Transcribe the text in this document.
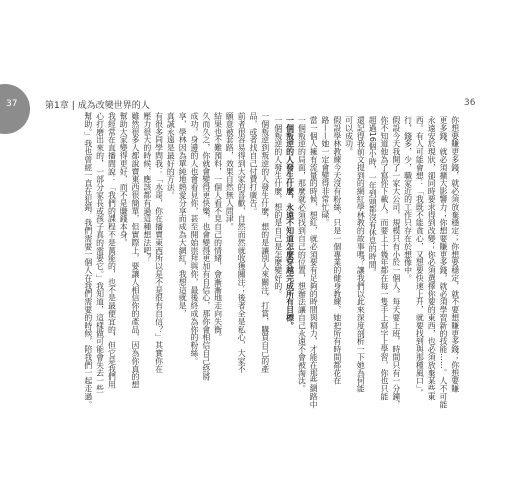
37	第1章 | 成為改變世界的人	36

你想要賺更多錢，就必須放棄穩定；你想要穩定，就不要想賺更多錢；你想要賺

更多錢，就必須擴大影響力；你想要賺更多錢，就必須學習新的技能……。人不可能

永遠安於現狀，卻同時要求得到改變；你必須選擇你要的東西，也必須放棄某些東

西。有人可能會想：「我既不能貪心，又想要快速上升，就要找到與那種風口」。

行，錢多，少，職家近的工作只存在於想像中。

假設今天我開了一家大公司，規模只有小於一個人，每天要上班，時間只有一分鐘，

你不知道他為了寫你下載人，而要上十幾年都在每一隻手上寫字上學習，你也只能

超過16個小時，一年到頭都沒有休息的時間。

還記得我前文提到的網紅學林教的故事嗎？讓我們以此來深度剖析一下她為何能

可以成功。

假設學林教練今天沒有粉絲，只是一個專業的健身教練，她把所有時間都花在

路——她一定會變得非常忙碌。

當一個人擁有流量的時候，想紅，就必須要有足夠的時間與精力，才能在那些網路中

一個叛逆的局面，那麼就必須找到自己的位置，想辦法讓自己永遠不會被淘汰。

一個叛逆的人發生什麼，永遠不知道怎麼穿越完成所有目標。

一個叛逆的人發生什麼，想的是自己是怎麼變好的。

一個叛逆到叛逆的人發生什麼，想的是讓別人來關注，打賞，購買自己的產

品，或者找自己付費打廣告。

前者很容易得到大家的喜歡，自然而然就收獲關注；後者全是私心，大家不

願意被套路，效果自然無人問津。

結果也不難預料，一個人看不見自己的情緒，會漸漸地走向失衡。

久而久之，你就會變得更快樂，也會變得更加有自信心，那你會相信自己終將

成功，身邊的人也會看見你，甚至開始崇拜與你，最後終成為你的粉絲。

享，學林因為單純地熱愛分享而成為大網紅，我想這就是，

真誠永遠是最好的方法。

有很多同學問我：「水哥，你在播賣東西所以是不是很有自信？」其實你在

壓力很大的時候，應該都有過這種想法吧？

雖然很多人都說賣東西很簡單，但實際上，要讓人相信你的產品，因為你真的想

幫助大家變得更好，而不是賺錢本身。

我經常在直播間說：「我們的課程不是萬能的，也不是最便宜的，但它是我們用

心打磨出來的，一部分家長或孩子真的需要它。」我知道，這樣做可能會失去一些

幫助。」我也曾經一直在犯錯，我們需要一個人在我們需要的時候，陪我們一起走過。
